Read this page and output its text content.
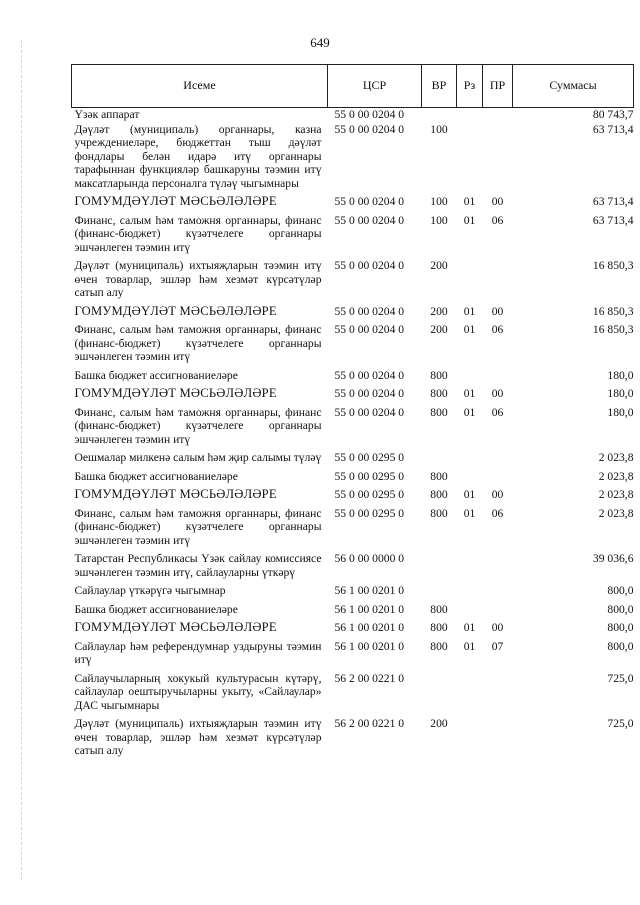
649
Исеме	ЦСР	ВР	Рз	ПР	Суммасы
Үзәк аппарат	55 0 00 0204 0				80 743,7
Дәүләт (муниципаль) органнары, казна учреждениеләре, бюджеттан тыш дәүләт фондлары белән идарә итү органнары тарафыннан функцияләр башкаруны тәэмин итү максатларында персоналга түләү чыгымнары	55 0 00 0204 0	100			63 713,4
ГОМУМДӘҮЛӘТ МӘСЬӘЛӘЛӘРЕ	55 0 00 0204 0	100	01	00	63 713,4
Финанс, салым һәм таможня органнары, финанс (финанс-бюджет) күзәтчелеге органнары эшчәнлеген тәэмин итү	55 0 00 0204 0	100	01	06	63 713,4
Дәүләт (муниципаль) ихтыяҗларын тәэмин итү өчен товарлар, эшләр һәм хезмәт күрсәтүләр сатып алу	55 0 00 0204 0	200			16 850,3
ГОМУМДӘҮЛӘТ МӘСЬӘЛӘЛӘРЕ	55 0 00 0204 0	200	01	00	16 850,3
Финанс, салым һәм таможня органнары, финанс (финанс-бюджет) күзәтчелеге органнары эшчәнлеген тәэмин итү	55 0 00 0204 0	200	01	06	16 850,3
Башка бюджет ассигнованиеләре	55 0 00 0204 0	800			180,0
ГОМУМДӘҮЛӘТ МӘСЬӘЛӘЛӘРЕ	55 0 00 0204 0	800	01	00	180,0
Финанс, салым һәм таможня органнары, финанс (финанс-бюджет) күзәтчелеге органнары эшчәнлеген тәэмин итү	55 0 00 0204 0	800	01	06	180,0
Оешмалар милкенә салым һәм җир салымы түләү	55 0 00 0295 0				2 023,8
Башка бюджет ассигнованиеләре	55 0 00 0295 0	800			2 023,8
ГОМУМДӘҮЛӘТ МӘСЬӘЛӘЛӘРЕ	55 0 00 0295 0	800	01	00	2 023,8
Финанс, салым һәм таможня органнары, финанс (финанс-бюджет) күзәтчелеге органнары эшчәнлеген тәэмин итү	55 0 00 0295 0	800	01	06	2 023,8
Татарстан Республикасы Үзәк сайлау комиссиясе эшчәнлеген тәэмин итү, сайлауларны үткәрү	56 0 00 0000 0				39 036,6
Сайлаулар үткәрүгә чыгымнар	56 1 00 0201 0				800,0
Башка бюджет ассигнованиеләре	56 1 00 0201 0	800			800,0
ГОМУМДӘҮЛӘТ МӘСЬӘЛӘЛӘРЕ	56 1 00 0201 0	800	01	00	800,0
Сайлаулар һәм референдумнар уздыруны тәэмин итү	56 1 00 0201 0	800	01	07	800,0
Сайлаучыларның хокукый культурасын күтәрү, сайлаулар оештыручыларны укыту, «Сайлаулар» ДАС чыгымнары	56 2 00 0221 0				725,0
Дәүләт (муниципаль) ихтыяҗларын тәэмин итү өчен товарлар, эшләр һәм хезмәт күрсәтүләр сатып алу	56 2 00 0221 0	200			725,0
